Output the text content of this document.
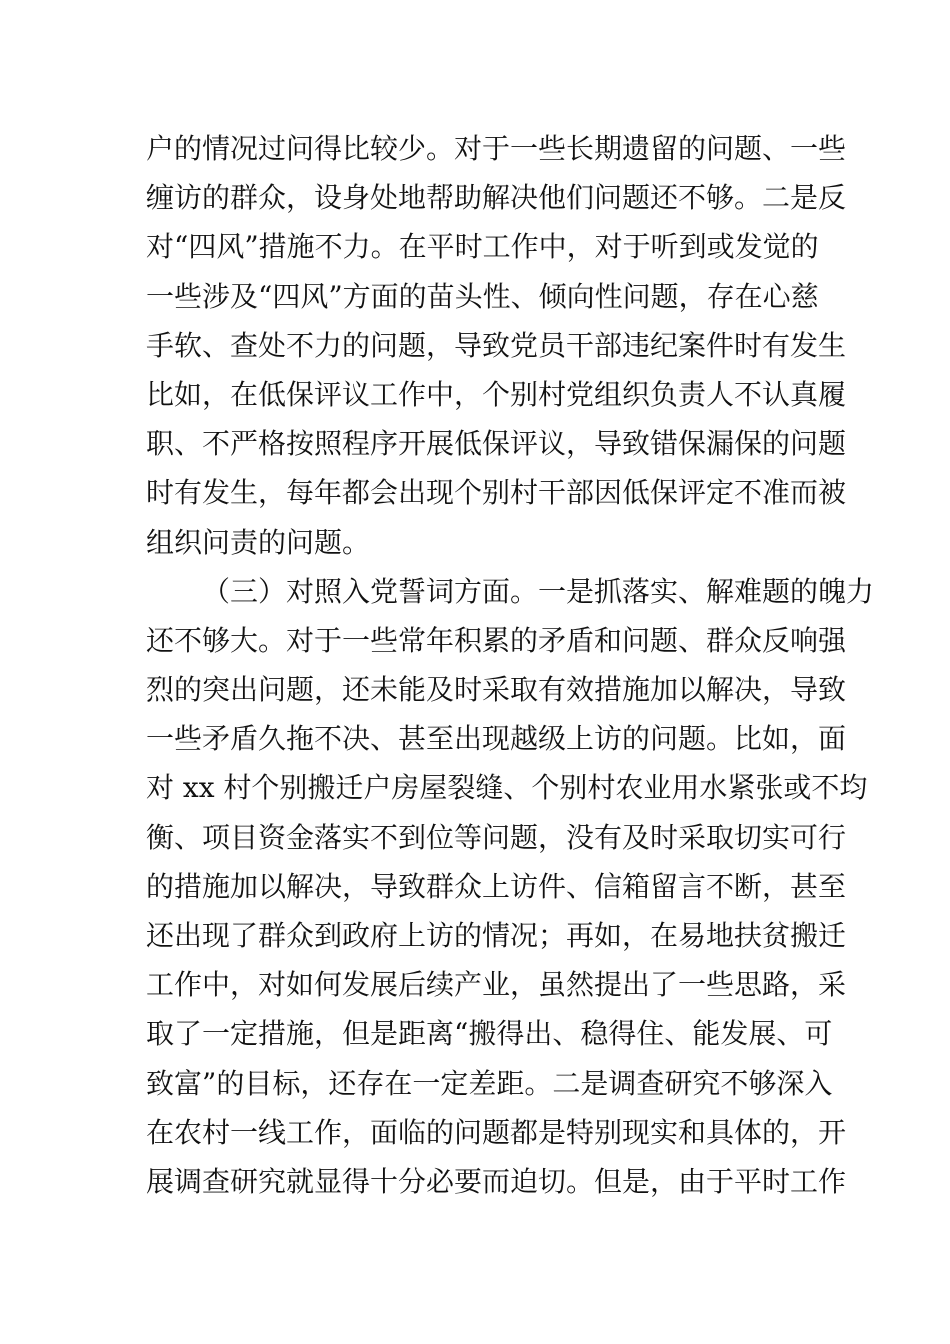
户的情况过问得比较少。对于一些长期遗留的问题、一些
缠访的群众，设身处地帮助解决他们问题还不够。二是反
对“四风”措施不力。在平时工作中，对于听到或发觉的
一些涉及“四风”方面的苗头性、倾向性问题，存在心慈
手软、查处不力的问题，导致党员干部违纪案件时有发生
比如，在低保评议工作中，个别村党组织负责人不认真履
职、不严格按照程序开展低保评议，导致错保漏保的问题
时有发生，每年都会出现个别村干部因低保评定不准而被
组织问责的问题。
（三）对照入党誓词方面。一是抓落实、解难题的魄力
还不够大。对于一些常年积累的矛盾和问题、群众反响强
烈的突出问题，还未能及时采取有效措施加以解决，导致
一些矛盾久拖不决、甚至出现越级上访的问题。比如，面
对 xx 村个别搬迁户房屋裂缝、个别村农业用水紧张或不均
衡、项目资金落实不到位等问题，没有及时采取切实可行
的措施加以解决，导致群众上访件、信箱留言不断，甚至
还出现了群众到政府上访的情况；再如，在易地扶贫搬迁
工作中，对如何发展后续产业，虽然提出了一些思路，采
取了一定措施，但是距离“搬得出、稳得住、能发展、可
致富”的目标，还存在一定差距。二是调查研究不够深入
在农村一线工作，面临的问题都是特别现实和具体的，开
展调查研究就显得十分必要而迫切。但是，由于平时工作
